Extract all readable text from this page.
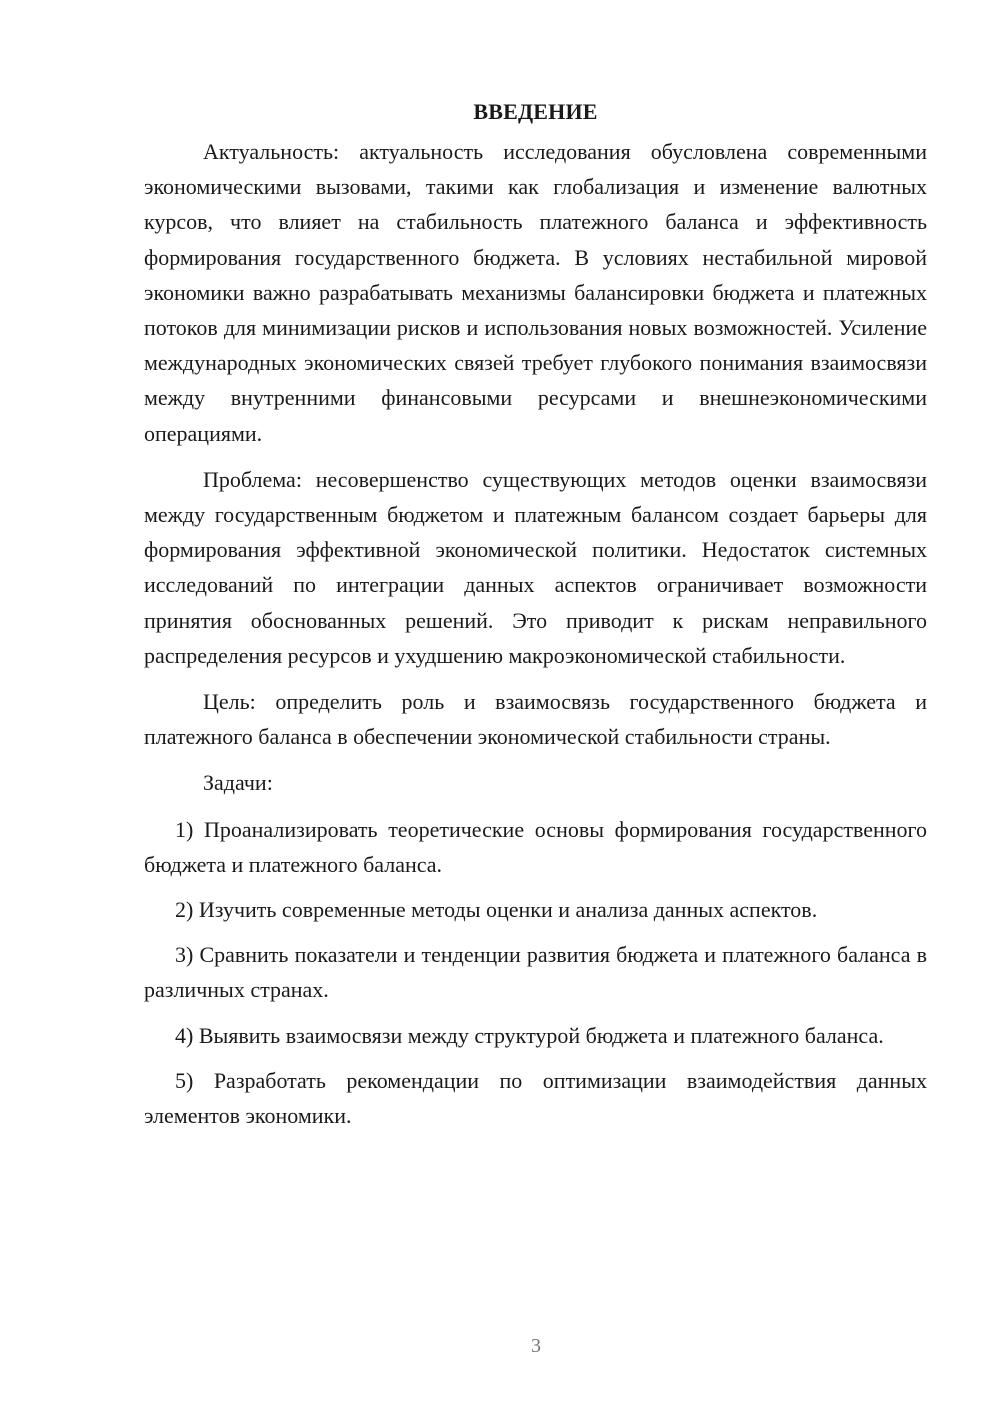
ВВЕДЕНИЕ

Актуальность: актуальность исследования обусловлена современными экономическими вызовами, такими как глобализация и изменение валютных курсов, что влияет на стабильность платежного баланса и эффективность формирования государственного бюджета. В условиях нестабильной мировой экономики важно разрабатывать механизмы балансировки бюджета и платежных потоков для минимизации рисков и использования новых возможностей. Усиление международных экономических связей требует глубокого понимания взаимосвязи между внутренними финансовыми ресурсами и внешнеэкономическими операциями.

Проблема: несовершенство существующих методов оценки взаимосвязи между государственным бюджетом и платежным балансом создает барьеры для формирования эффективной экономической политики. Недостаток системных исследований по интеграции данных аспектов ограничивает возможности принятия обоснованных решений. Это приводит к рискам неправильного распределения ресурсов и ухудшению макроэкономической стабильности.

Цель: определить роль и взаимосвязь государственного бюджета и платежного баланса в обеспечении экономической стабильности страны.

Задачи:

1) Проанализировать теоретические основы формирования государственного бюджета и платежного баланса.

2) Изучить современные методы оценки и анализа данных аспектов.

3) Сравнить показатели и тенденции развития бюджета и платежного баланса в различных странах.

4) Выявить взаимосвязи между структурой бюджета и платежного баланса.

5) Разработать рекомендации по оптимизации взаимодействия данных элементов экономики.

3
